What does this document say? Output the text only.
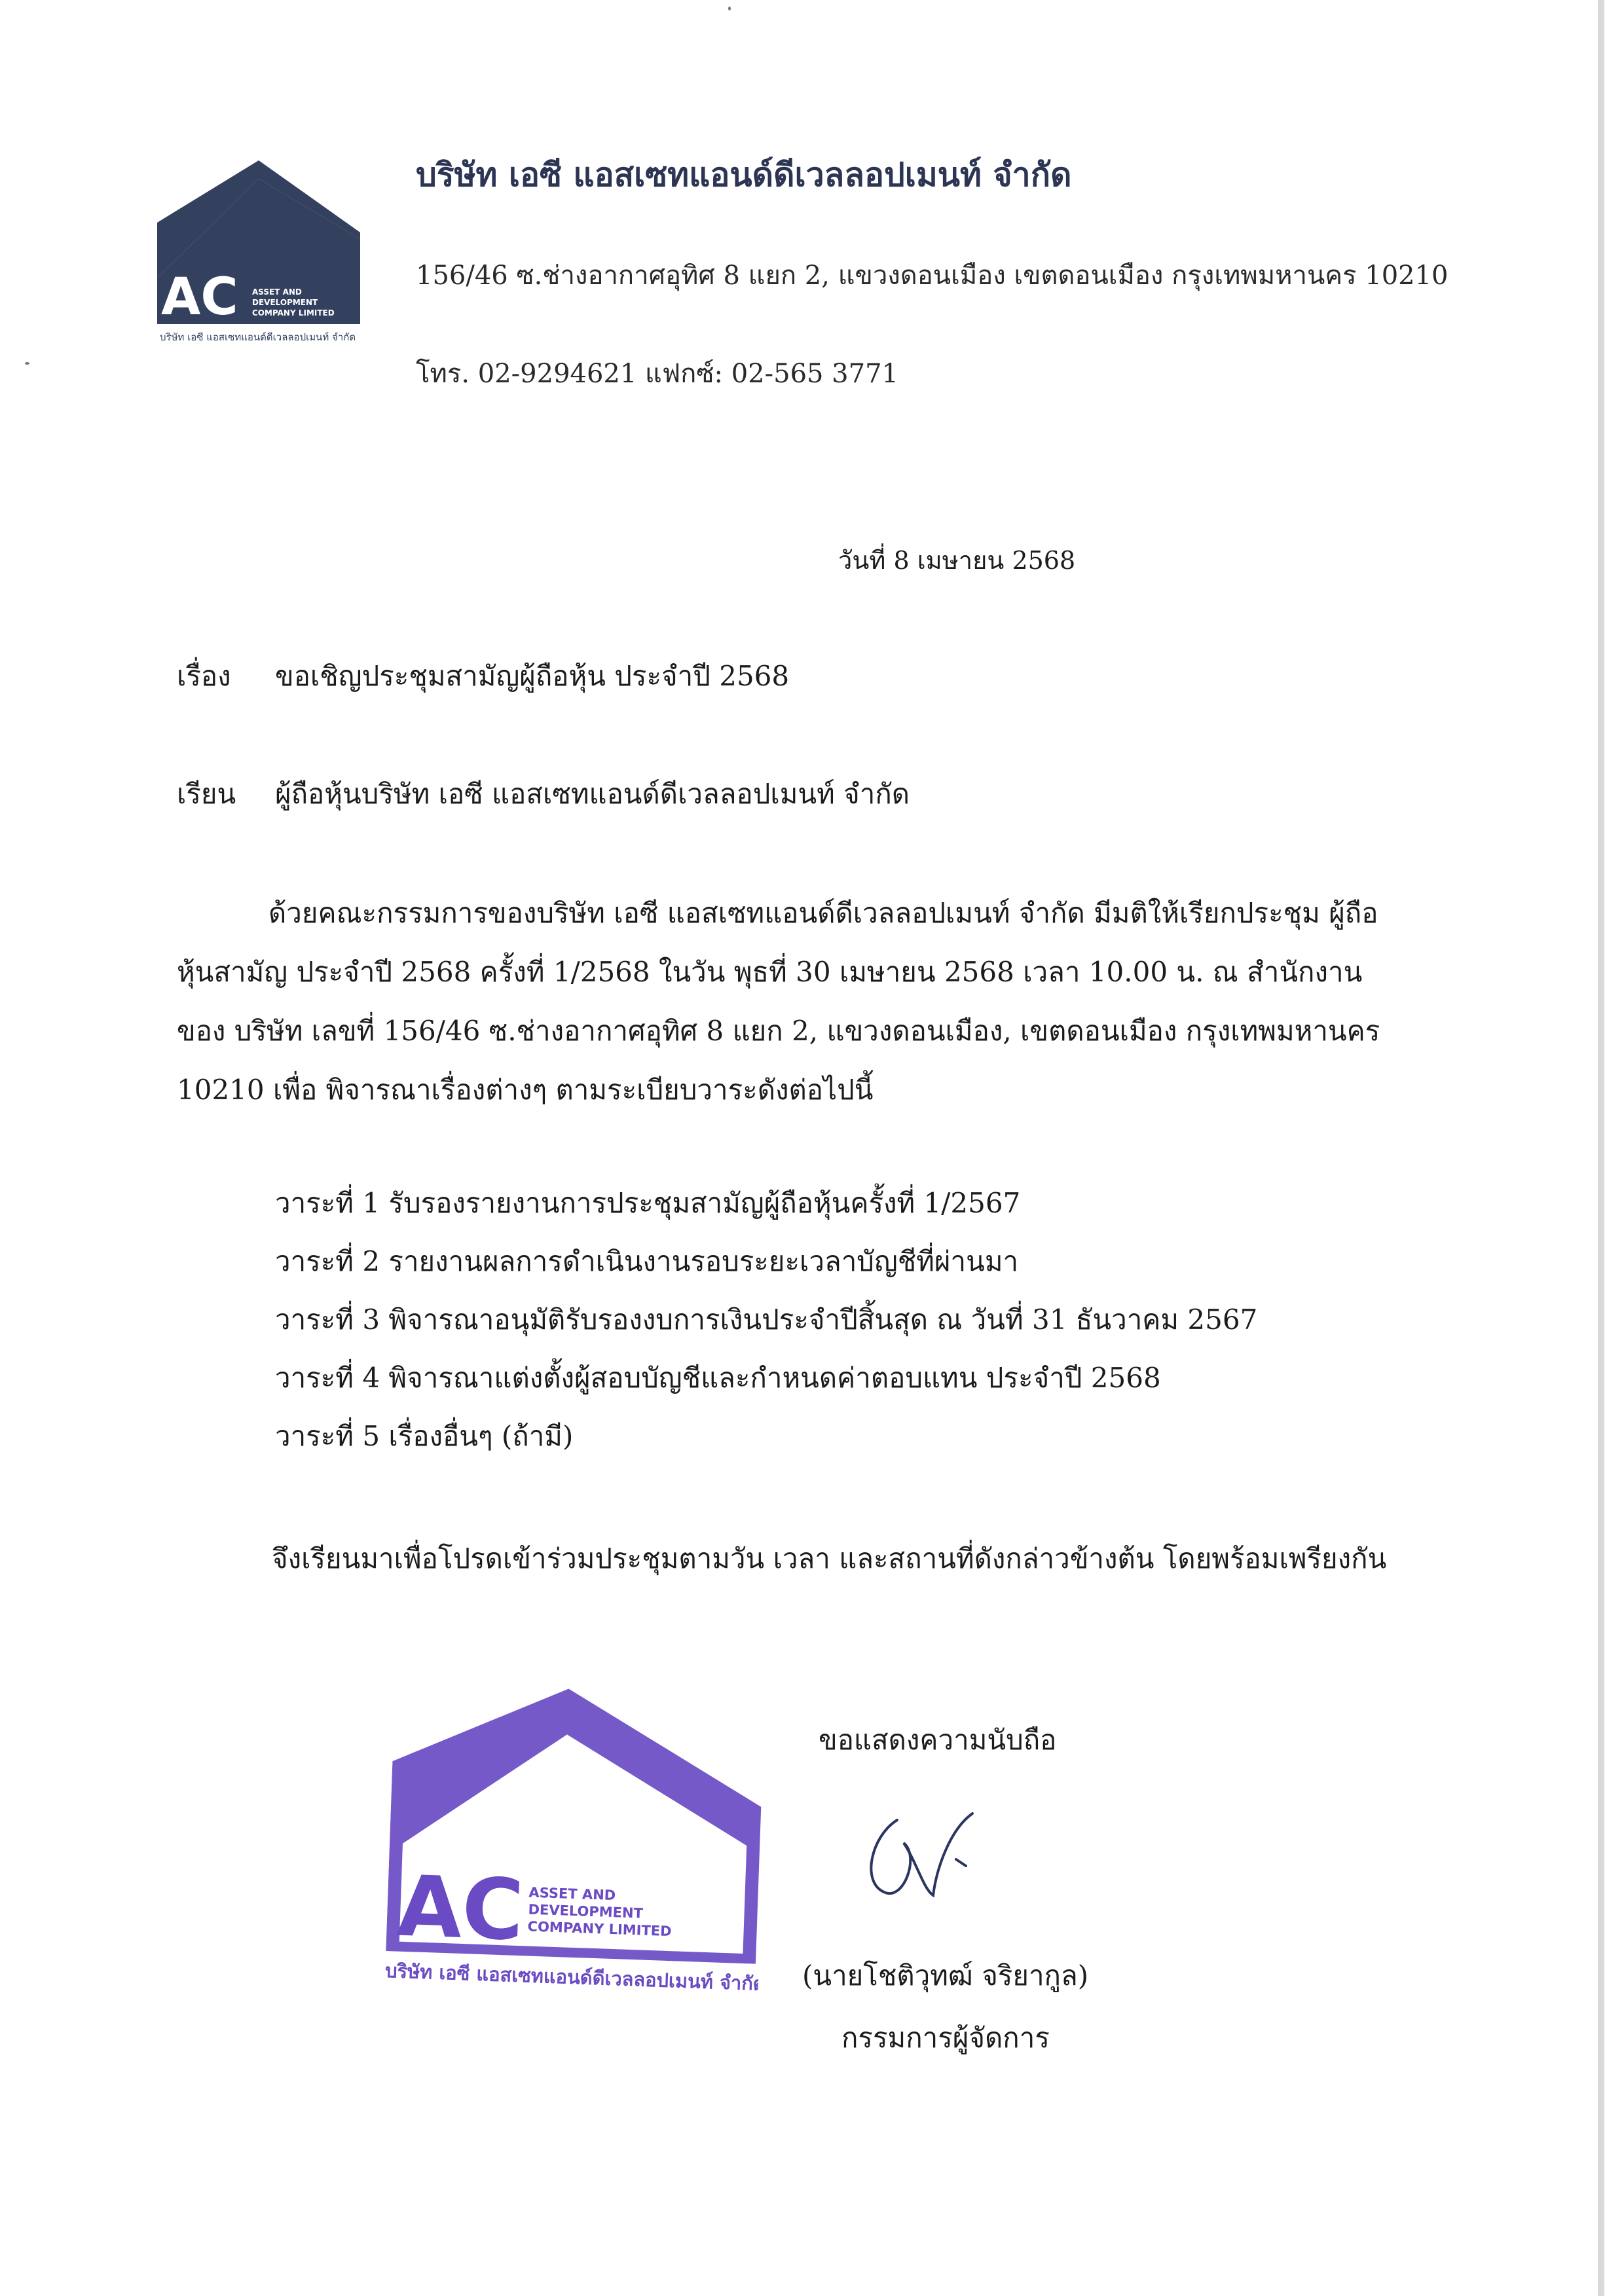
AC ASSET AND
DEVELOPMENT
COMPANY LIMITED
บริษัท เอซี แอสเซทแอนด์ดีเวลลอปเมนท์ จำกัด
บริษัท เอซี แอสเซทแอนด์ดีเวลลอปเมนท์ จำกัด
156/46 ซ.ช่างอากาศอุทิศ 8 แยก 2, แขวงดอนเมือง เขตดอนเมือง กรุงเทพมหานคร 10210
โทร. 02-9294621 แฟกซ์: 02-565 3771
วันที่ 8 เมษายน 2568
เรื่อง ขอเชิญประชุมสามัญผู้ถือหุ้น ประจำปี 2568
เรียน ผู้ถือหุ้นบริษัท เอซี แอสเซทแอนด์ดีเวลลอปเมนท์ จำกัด
ด้วยคณะกรรมการของบริษัท เอซี แอสเซทแอนด์ดีเวลลอปเมนท์ จำกัด มีมติให้เรียกประชุม ผู้ถือหุ้นสามัญ ประจำปี 2568 ครั้งที่ 1/2568 ในวัน พุธที่ 30 เมษายน 2568 เวลา 10.00 น. ณ สำนักงานของ บริษัท เลขที่ 156/46 ซ.ช่างอากาศอุทิศ 8 แยก 2, แขวงดอนเมือง, เขตดอนเมือง กรุงเทพมหานคร 10210 เพื่อ พิจารณาเรื่องต่างๆ ตามระเบียบวาระดังต่อไปนี้
วาระที่ 1 รับรองรายงานการประชุมสามัญผู้ถือหุ้นครั้งที่ 1/2567
วาระที่ 2 รายงานผลการดำเนินงานรอบระยะเวลาบัญชีที่ผ่านมา
วาระที่ 3 พิจารณาอนุมัติรับรองงบการเงินประจำปีสิ้นสุด ณ วันที่ 31 ธันวาคม 2567
วาระที่ 4 พิจารณาแต่งตั้งผู้สอบบัญชีและกำหนดค่าตอบแทน ประจำปี 2568
วาระที่ 5 เรื่องอื่นๆ (ถ้ามี)
จึงเรียนมาเพื่อโปรดเข้าร่วมประชุมตามวัน เวลา และสถานที่ดังกล่าวข้างต้น โดยพร้อมเพรียงกัน
AC ASSET AND
DEVELOPMENT
COMPANY LIMITED
บริษัท เอซี แอสเซทแอนด์ดีเวลลอปเมนท์ จำกัด
ขอแสดงความนับถือ
(นายโชติวุทฒ์ จริยากูล)
กรรมการผู้จัดการ
